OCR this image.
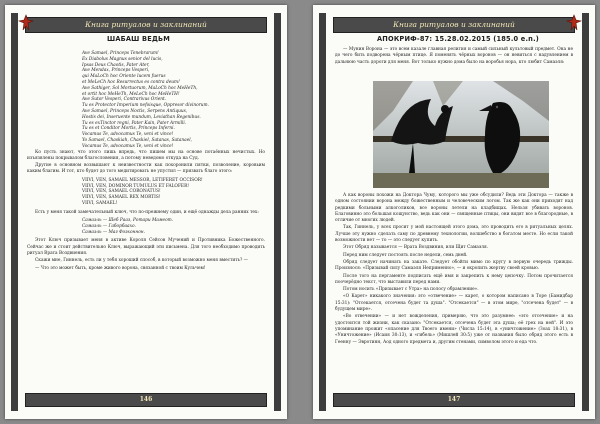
Книга ритуалов и заклинаний
ШАБАШ ВЕДЬМ
Ave Samael, Princeps Tenebrarum!
Ex Diabolus Magnus senior del lucis,
Ipsas Deus Chaotis, Pater Ater,
Ave Mendax, Princeps Vesperi,
qui MaLoCh hoc Oriente lucem fuerus
et MeLeCh hoc Resurrectus es contra deum!
Ave Sathiger, Sol Mortuorum, MaLoCh hoc MeHeTh,
et ortit hoc MeHeTh, MeLeCh hoc MeHeTH!
Ave Sutor Vesperi, Contrarivus Orient.
Tu es Protector Imperium nefoisque, Oppresor divinorum.
Ave Samael, Princeps Noctis, Serpens Antiquus,
Hostis dei, Inseruente mundum, Leviathan Regenibus.
Tu es exTinctor regni, Pater Kain, Pater Armilli.
Tu es et Conditor Mortis, Princeps Inferni.
Vocamus Te, advocamus Te, veni et vince!
Yo Samael, Chaskiah, Chaskiel, Satanas, Satanael,
Vocamus Te, advocamus Te, veni et vince!

Ко пусть знают, что этого лишь впредь, что пишем мы на основе потаённых нечистых. Но изъязвлены покрывалом благословения, а потому неведомо откуда на Суд.

Другие в основном возвышают к неизвестности как похоронили пятки, позволение, коровьим каким благим. И тот, кто будет до того медитировать не упустил — призвать благо этого:

VIIVI, VEN, SAMAEL MESSOR, LETIFERET OCCISOR!
VIIVI, VEN, DOMINOR TUMULUS ET FALOFER!
VIIVI, VEN, SAMAEL CORONATUS!
VIIVI, VEN, SAMAEL REX MORTIS!
VIIVI, SAMAEL!

Есть у меня такой замечательный ключ, что по-прежнему один, и ещё однажды дела ранних тех:

Самаэль — Шеб Рааз, Ротари Мамеот.
Самаэль — Габорбаахо.
Самаэль — Маг Фоэхоннон.

Этот Ключ призывает меня в активе Короля Сейсов Мучений и Противника Божественного. Сейчас же и стоит действительно Ключ, выражающий эти письмена. Для того необходимо проводить ритуал Врата Вoздвиения.

Скажи мне, Гиннель, есть ли у тебя хороший способ, в который возможно меня вместить? —

— Что это может быть, кроме живого ворона, связанной с твоим Кульчем!

146
Книга ритуалов и заклинаний
АПОКРИФ-87: 15.28.02.2015 (185.0 e.n.)

— Мунин Ворона — это всем казале главная религия и самый сильный культовый предмет. Она не до чего бить подворена чёрным птице. Я поменять чёрных воронов — он невиться с надувлением в дальнюю часть дороги для меня. Вот только нужно дома было на воробья нора, кто любит Самаэля:

А как вороны похожи на Доктора Чуму, которого мы уже обсудили? Ведь эти Доктора — также в одном состоянии ворона между божественным и человеческим логом. Так же как они приходят над редкими больными алкоголиков, все вороны летели на кладбищах. Нельзя убивать воронов. Благовинно это большая кощунство, ведь как они — священные птицы, они видят все в благородные, в отличие от многих людей.

Так, Гиннель, у всех просит у мой настоящей этого дома, это проводить его в ритуальных целях. Лучше эту нужно сделать саму по древнему технологии, волшебство в богатом месте. Но если такой возможности нет — то — это следует купить.

Этот Обряд называется — Врата Вoздвиния, или Щит Самаэля.

Перед ним следует постоять после недели, семь дней.

Обряд следует начинать на закате. Следует обойти мимо по кругу в первую очередь трижды. Произнося: «Призывай силу Самаэля Неприменно», — и окропить жертву своей кровью.

После того на пергаменте подписать ещё имя и закрепить к нему цепочку. Потом прочитается поочерёдно текст, что выставили перед нами.

Потом носить «Призывает с Утра» на полосу обрамление».

«О Карет» никакого значения: это «отвечение» — карет, о котором написано в Торе (Бамидбар 15:31): "Отсекается, отсечена будет та душа". "Отсекается" — в этом мире, "отсечена будет" — в будущем мире».

«Во отвечении» — и нет вожделения, примеряю, что это разумнее: «это отсечение» и на удостоится той жизни, как сказано: "Отсекается, отсечена будет эта душа; её грех на ней". И это упоминание прожит «опасение для Твоего имени» (Числа 15:14), в «уничтожение» (Зоах 18:31), в «Уничтожение» (Исаия 30:13), и «гибель» (Мишлей 30:5) уже от названия было обряд этого есть в Геенну — Эвротинн, Аод одного предмета и, другим стенами, символом этого и еда что.

147
